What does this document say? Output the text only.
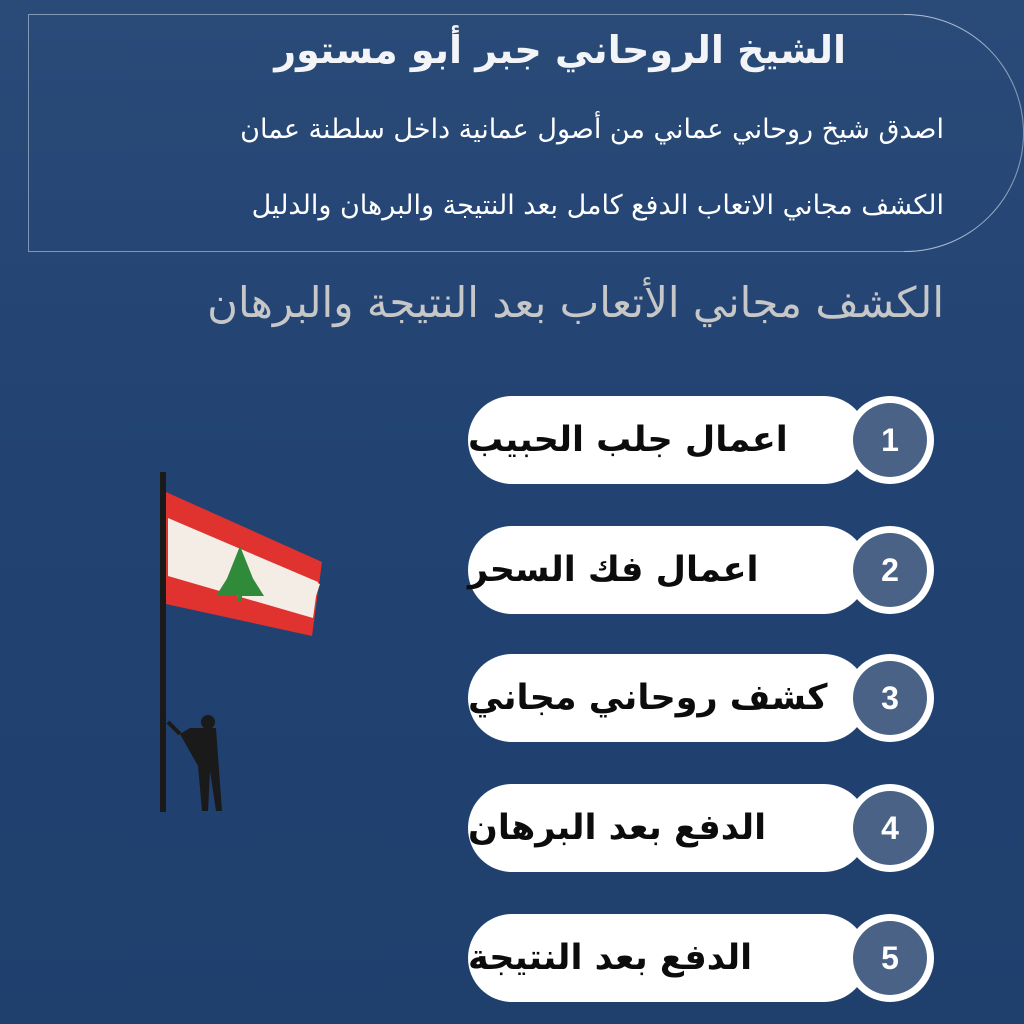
الشيخ الروحاني جبر أبو مستور
اصدق شيخ روحاني عماني من أصول عمانية داخل سلطنة عمان
الكشف مجاني الاتعاب الدفع كامل بعد النتيجة والبرهان والدليل
الكشف مجاني الأتعاب بعد النتيجة والبرهان
اعمال جلب الحبيب	1
اعمال فك السحر	2
كشف روحاني مجاني	3
الدفع بعد البرهان	4
الدفع بعد النتيجة	5
